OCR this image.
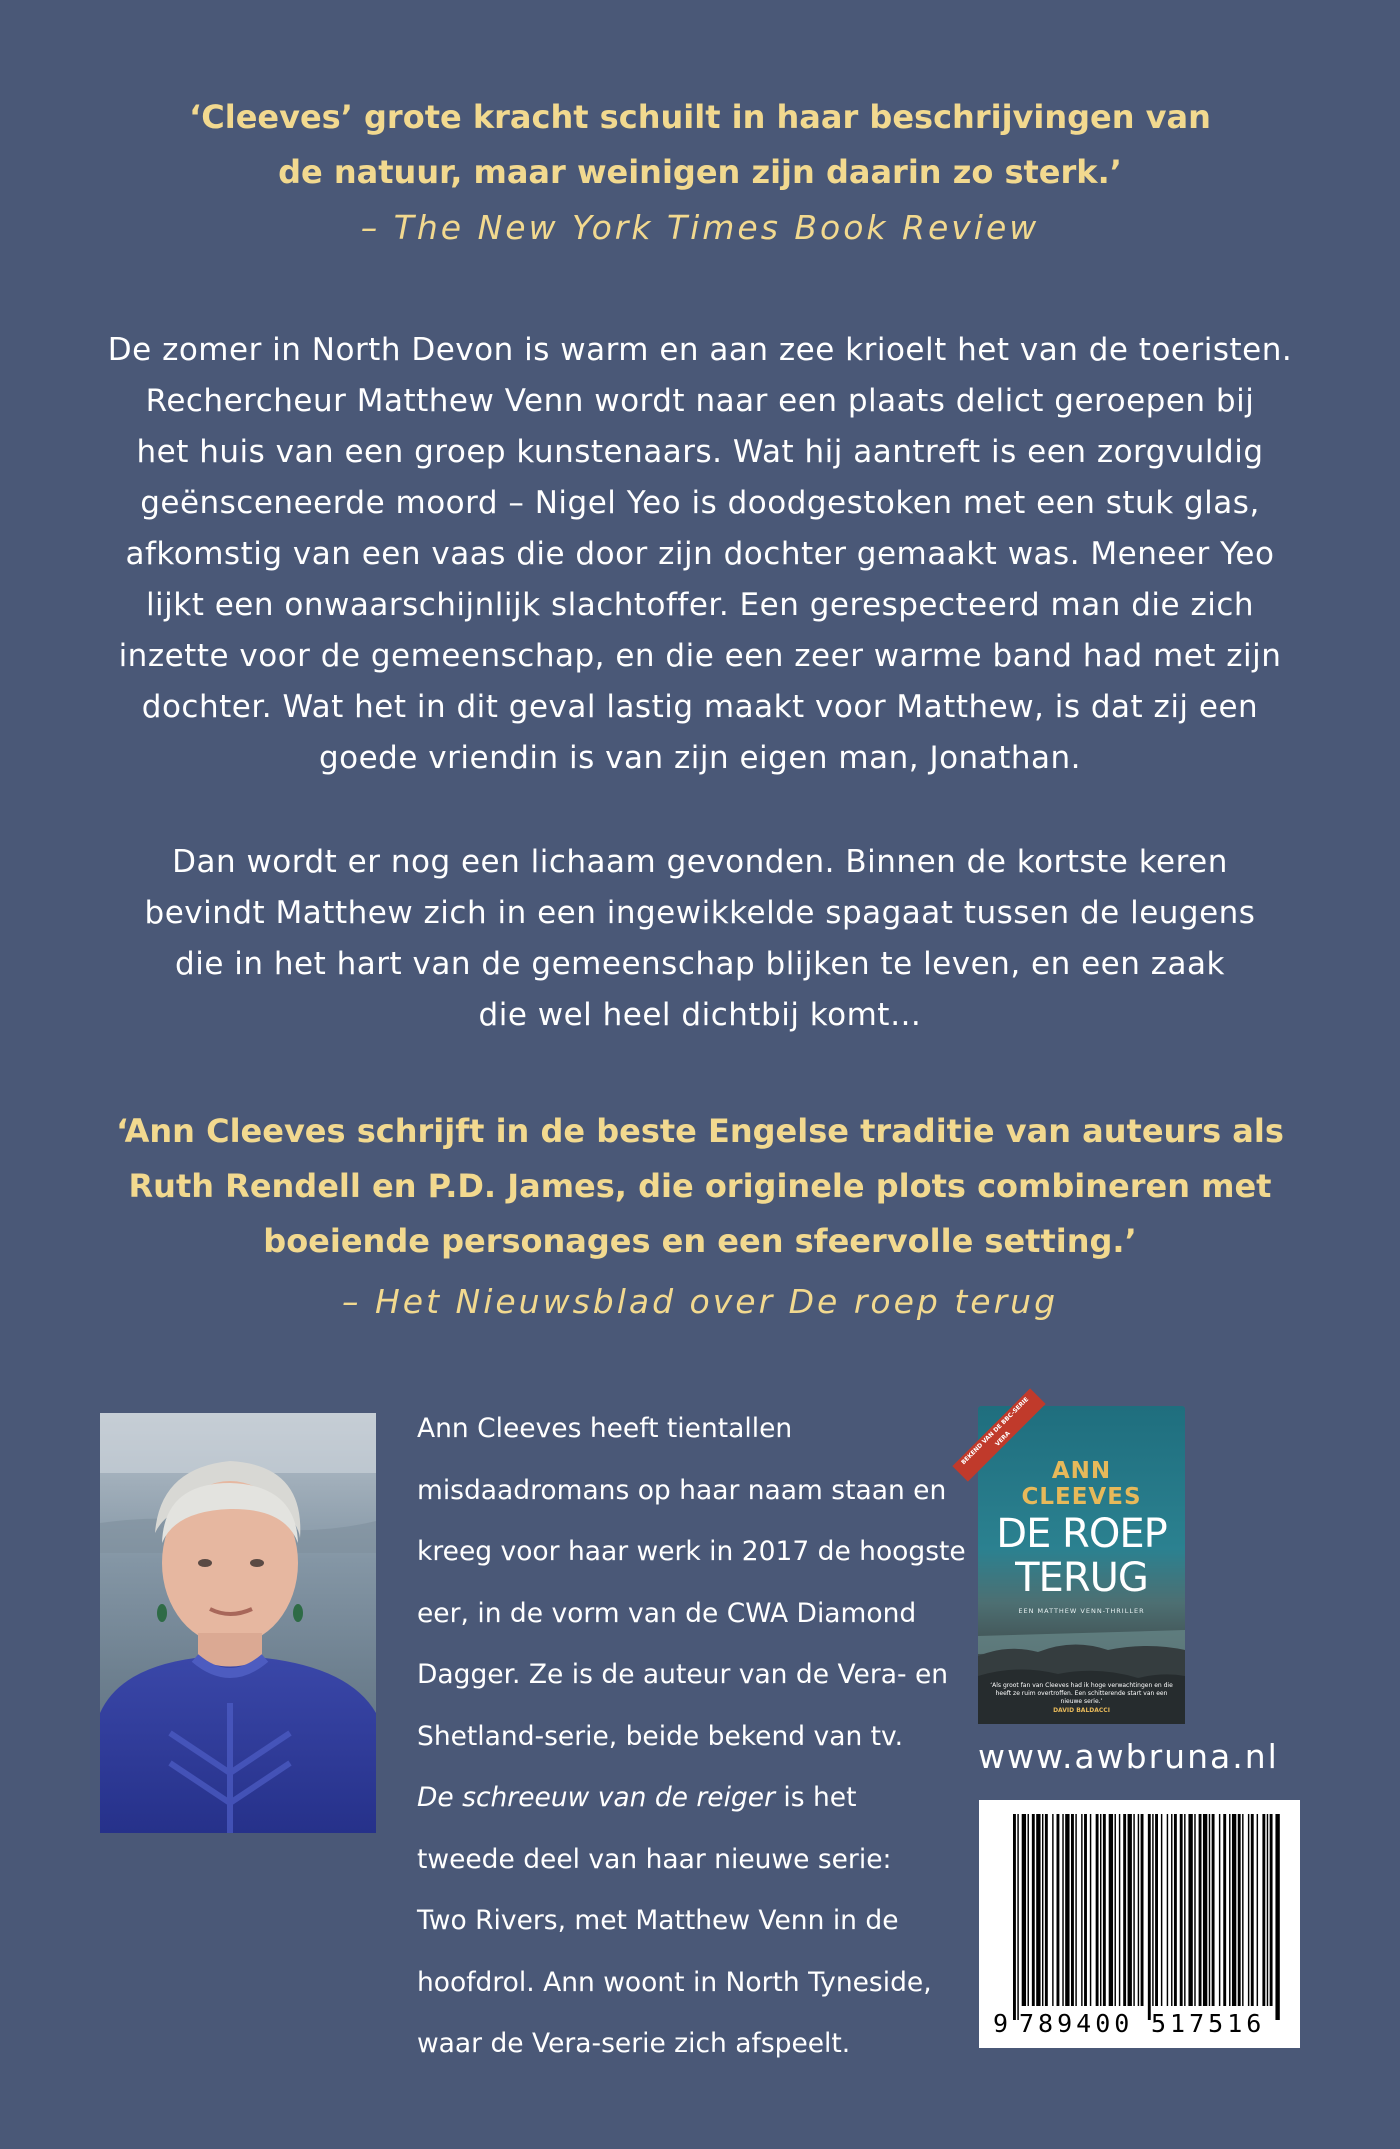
‘Cleeves’ grote kracht schuilt in haar beschrijvingen van
de natuur, maar weinigen zijn daarin zo sterk.’
– The New York Times Book Review
De zomer in North Devon is warm en aan zee krioelt het van de toeristen.
Rechercheur Matthew Venn wordt naar een plaats delict geroepen bij
het huis van een groep kunstenaars. Wat hij aantreft is een zorgvuldig
geënsceneerde moord – Nigel Yeo is doodgestoken met een stuk glas,
afkomstig van een vaas die door zijn dochter gemaakt was. Meneer Yeo
lijkt een onwaarschijnlijk slachtoffer. Een gerespecteerd man die zich
inzette voor de gemeenschap, en die een zeer warme band had met zijn
dochter. Wat het in dit geval lastig maakt voor Matthew, is dat zij een
goede vriendin is van zijn eigen man, Jonathan.
Dan wordt er nog een lichaam gevonden. Binnen de kortste keren
bevindt Matthew zich in een ingewikkelde spagaat tussen de leugens
die in het hart van de gemeenschap blijken te leven, en een zaak
die wel heel dichtbij komt…
‘Ann Cleeves schrijft in de beste Engelse traditie van auteurs als
Ruth Rendell en P.D. James, die originele plots combineren met
boeiende personages en een sfeervolle setting.’
– Het Nieuwsblad over De roep terug
Ann Cleeves heeft tientallen
misdaadromans op haar naam staan en
kreeg voor haar werk in 2017 de hoogste
eer, in de vorm van de CWA Diamond
Dagger. Ze is de auteur van de Vera- en
Shetland-serie, beide bekend van tv.
De schreeuw van de reiger is het
tweede deel van haar nieuwe serie:
Two Rivers, met Matthew Venn in de
hoofdrol. Ann woont in North Tyneside,
waar de Vera-serie zich afspeelt.
BEKEND VAN DE BBC-SERIE VERA
ANN
CLEEVES
DE ROEP
TERUG
EEN MATTHEW VENN-THRILLER
‘Als groot fan van Cleeves had ik hoge verwachtingen en die heeft ze ruim overtroffen. Een schitterende start van een nieuwe serie.’
DAVID BALDACCI
www.awbruna.nl
9 789400 517516
